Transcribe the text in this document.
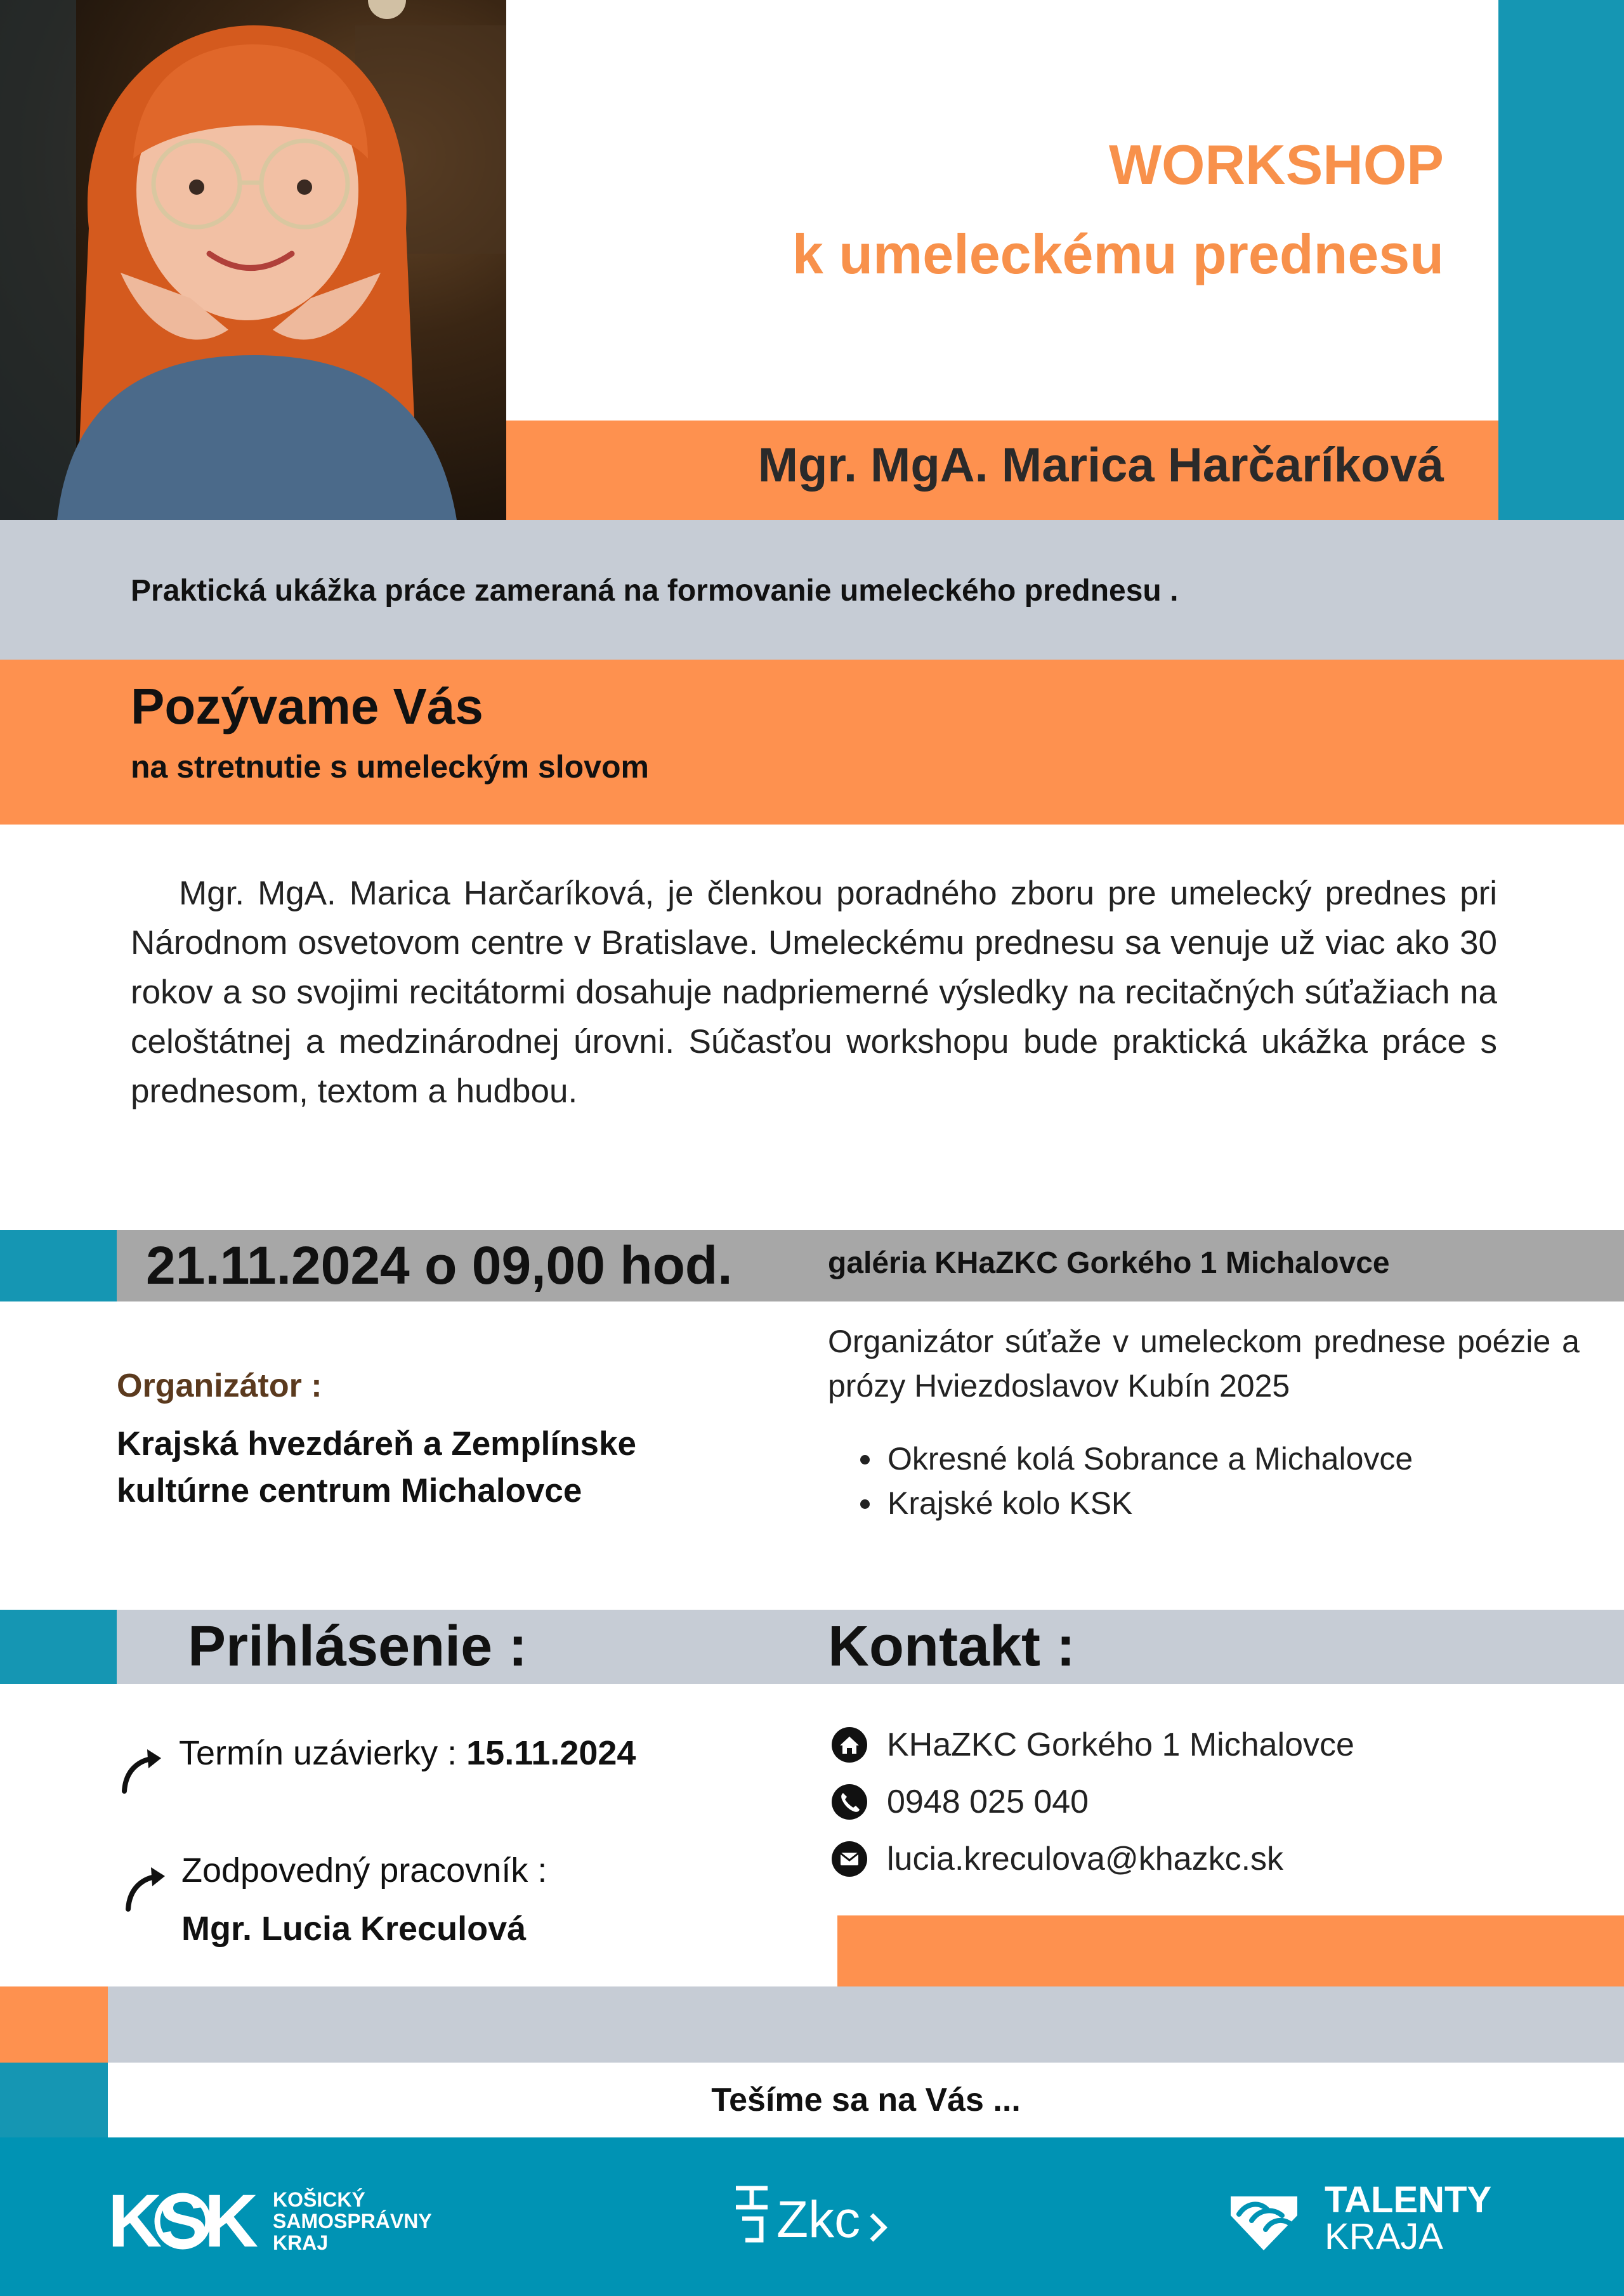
WORKSHOP
k umeleckému prednesu
Mgr. MgA. Marica Harčaríková
Praktická ukážka práce zameraná na formovanie umeleckého prednesu .
Pozývame Vás
na stretnutie s umeleckým slovom
Mgr. MgA. Marica Harčaríková, je členkou poradného zboru pre umelecký prednes pri Národnom osvetovom centre v Bratislave. Umeleckému prednesu sa venuje už viac ako 30 rokov a so svojimi recitátormi dosahuje nadpriemerné výsledky na recitačných súťažiach na celoštátnej a medzinárodnej úrovni. Súčasťou workshopu bude praktická ukážka práce s prednesom, textom a hudbou.
21.11.2024 o 09,00 hod.	galéria KHaZKC Gorkého 1 Michalovce
Organizátor :
Krajská hvezdáreň a Zemplínske kultúrne centrum Michalovce
Organizátor súťaže v umeleckom prednese poézie a prózy Hviezdoslavov Kubín 2025
• Okresné kolá Sobrance a Michalovce
• Krajské kolo KSK
Prihlásenie :	Kontakt :
Termín uzávierky : 15.11.2024
Zodpovedný pracovník :
Mgr. Lucia Kreculová
KHaZKC Gorkého 1 Michalovce
0948 025 040
lucia.kreculova@khazkc.sk
Tešíme sa na Vás ...
KSK KOŠICKÝ
SAMOSPRÁVNY
KRAJ	Zkc	TALENTY
KRAJA
